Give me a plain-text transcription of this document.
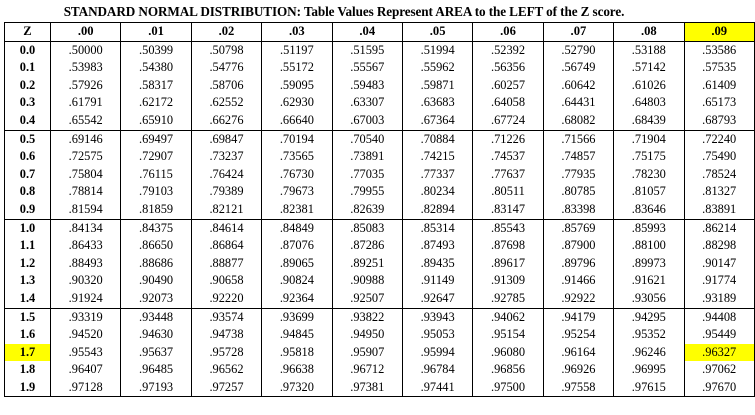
STANDARD NORMAL DISTRIBUTION: Table Values Represent AREA to the LEFT of the Z score.
Z	.00	.01	.02	.03	.04	.05	.06	.07	.08	.09
0.0	.50000	.50399	.50798	.51197	.51595	.51994	.52392	.52790	.53188	.53586
0.1	.53983	.54380	.54776	.55172	.55567	.55962	.56356	.56749	.57142	.57535
0.2	.57926	.58317	.58706	.59095	.59483	.59871	.60257	.60642	.61026	.61409
0.3	.61791	.62172	.62552	.62930	.63307	.63683	.64058	.64431	.64803	.65173
0.4	.65542	.65910	.66276	.66640	.67003	.67364	.67724	.68082	.68439	.68793
0.5	.69146	.69497	.69847	.70194	.70540	.70884	.71226	.71566	.71904	.72240
0.6	.72575	.72907	.73237	.73565	.73891	.74215	.74537	.74857	.75175	.75490
0.7	.75804	.76115	.76424	.76730	.77035	.77337	.77637	.77935	.78230	.78524
0.8	.78814	.79103	.79389	.79673	.79955	.80234	.80511	.80785	.81057	.81327
0.9	.81594	.81859	.82121	.82381	.82639	.82894	.83147	.83398	.83646	.83891
1.0	.84134	.84375	.84614	.84849	.85083	.85314	.85543	.85769	.85993	.86214
1.1	.86433	.86650	.86864	.87076	.87286	.87493	.87698	.87900	.88100	.88298
1.2	.88493	.88686	.88877	.89065	.89251	.89435	.89617	.89796	.89973	.90147
1.3	.90320	.90490	.90658	.90824	.90988	.91149	.91309	.91466	.91621	.91774
1.4	.91924	.92073	.92220	.92364	.92507	.92647	.92785	.92922	.93056	.93189
1.5	.93319	.93448	.93574	.93699	.93822	.93943	.94062	.94179	.94295	.94408
1.6	.94520	.94630	.94738	.94845	.94950	.95053	.95154	.95254	.95352	.95449
1.7	.95543	.95637	.95728	.95818	.95907	.95994	.96080	.96164	.96246	.96327
1.8	.96407	.96485	.96562	.96638	.96712	.96784	.96856	.96926	.96995	.97062
1.9	.97128	.97193	.97257	.97320	.97381	.97441	.97500	.97558	.97615	.97670
